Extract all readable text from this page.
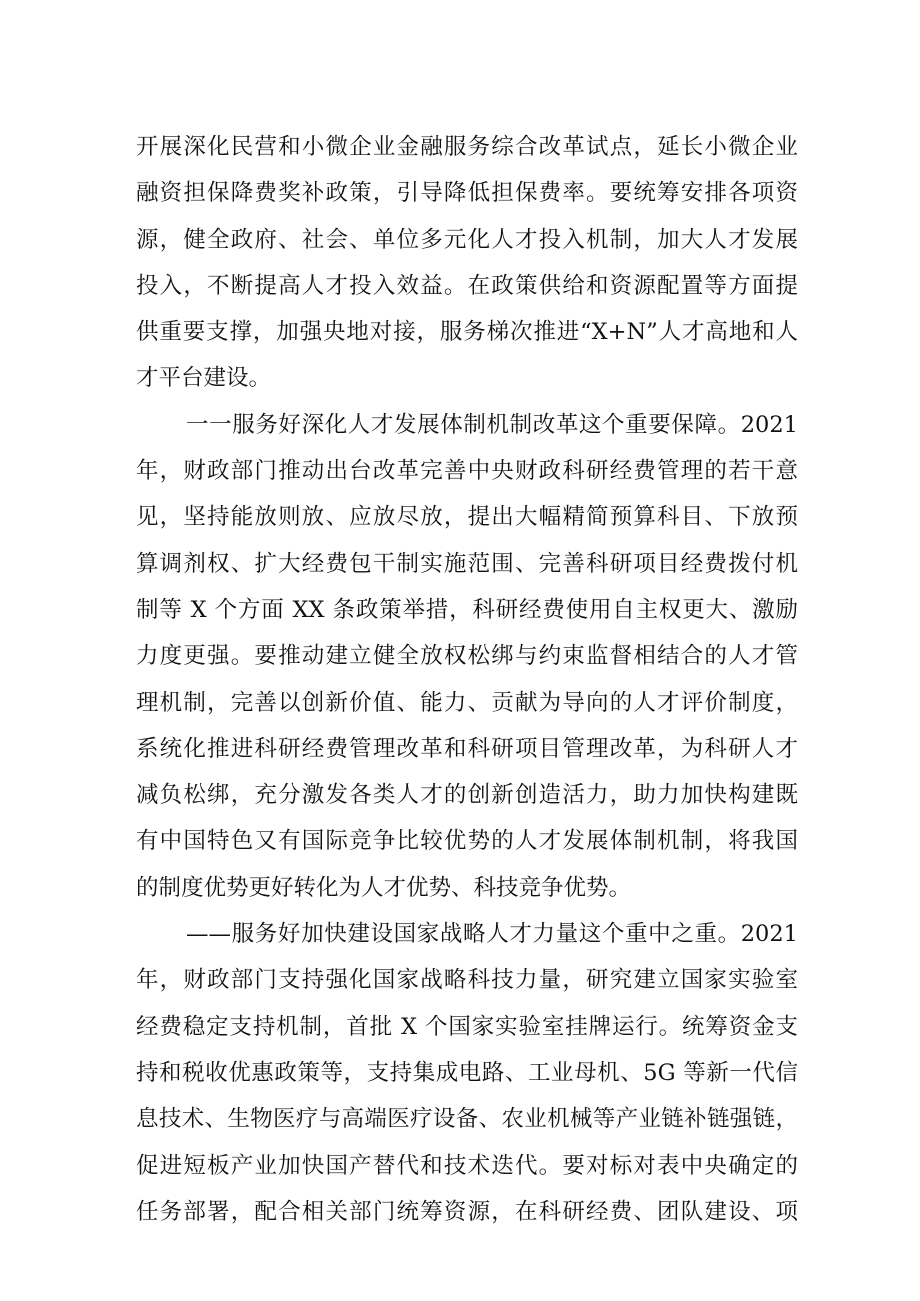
开展深化民营和小微企业金融服务综合改革试点，延长小微企业
融资担保降费奖补政策，引导降低担保费率。要统筹安排各项资
源，健全政府、社会、单位多元化人才投入机制，加大人才发展
投入，不断提高人才投入效益。在政策供给和资源配置等方面提
供重要支撑，加强央地对接，服务梯次推进“X+N”人才高地和人
才平台建设。
一一服务好深化人才发展体制机制改革这个重要保障。2021
年，财政部门推动出台改革完善中央财政科研经费管理的若干意
见，坚持能放则放、应放尽放，提出大幅精简预算科目、下放预
算调剂权、扩大经费包干制实施范围、完善科研项目经费拨付机
制等 X 个方面 XX 条政策举措，科研经费使用自主权更大、激励
力度更强。要推动建立健全放权松绑与约束监督相结合的人才管
理机制，完善以创新价值、能力、贡献为导向的人才评价制度，
系统化推进科研经费管理改革和科研项目管理改革，为科研人才
减负松绑，充分激发各类人才的创新创造活力，助力加快构建既
有中国特色又有国际竞争比较优势的人才发展体制机制，将我国
的制度优势更好转化为人才优势、科技竞争优势。
——服务好加快建设国家战略人才力量这个重中之重。2021
年，财政部门支持强化国家战略科技力量，研究建立国家实验室
经费稳定支持机制，首批 X 个国家实验室挂牌运行。统筹资金支
持和税收优惠政策等，支持集成电路、工业母机、5G 等新一代信
息技术、生物医疗与高端医疗设备、农业机械等产业链补链强链，
促进短板产业加快国产替代和技术迭代。要对标对表中央确定的
任务部署，配合相关部门统筹资源，在科研经费、团队建设、项
